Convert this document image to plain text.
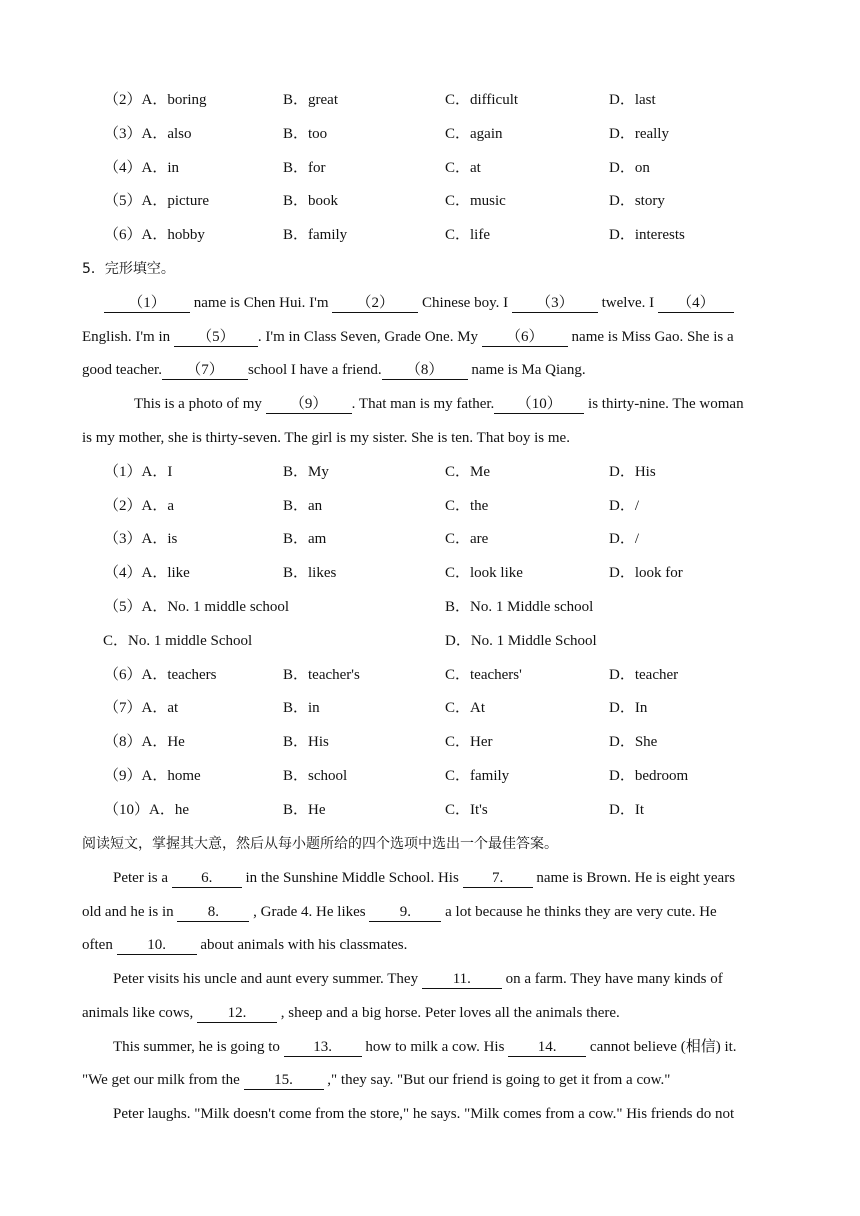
（2）A．boring	B．great	C．difficult	D．last
（3）A．also	B．too	C．again	D．really
（4）A．in	B．for	C．at	D．on
（5）A．picture	B．book	C．music	D．story
（6）A．hobby	B．family	C．life	D．interests
5．完形填空。
（1） name is Chen Hui. I'm （2） Chinese boy. I （3） twelve. I （4）
English. I'm in （5） . I'm in Class Seven, Grade One. My （6） name is Miss Gao. She is a
good teacher. （7） school I have a friend. （8） name is Ma Qiang.
This is a photo of my （9） . That man is my father. （10） is thirty-nine. The woman
is my mother, she is thirty-seven. The girl is my sister. She is ten. That boy is me.
（1）A．I	B．My	C．Me	D．His
（2）A．a	B．an	C．the	D．/
（3）A．is	B．am	C．are	D．/
（4）A．like	B．likes	C．look like	D．look for
（5）A．No. 1 middle school	B．No. 1 Middle school
C．No. 1 middle School	D．No. 1 Middle School
（6）A．teachers	B．teacher's	C．teachers'	D．teacher
（7）A．at	B．in	C．At	D．In
（8）A．He	B．His	C．Her	D．She
（9）A．home	B．school	C．family	D．bedroom
（10）A．he	B．He	C．It's	D．It
阅读短文，掌握其大意，然后从每小题所给的四个选项中选出一个最佳答案。
Peter is a 6. in the Sunshine Middle School. His 7. name is Brown. He is eight years
old and he is in 8. , Grade 4. He likes 9. a lot because he thinks they are very cute. He
often 10. about animals with his classmates.
Peter visits his uncle and aunt every summer. They 11. on a farm. They have many kinds of
animals like cows, 12. , sheep and a big horse. Peter loves all the animals there.
This summer, he is going to 13. how to milk a cow. His 14. cannot believe (相信) it.
"We get our milk from the 15. ," they say. "But our friend is going to get it from a cow."
Peter laughs. "Milk doesn't come from the store," he says. "Milk comes from a cow." His friends do not
